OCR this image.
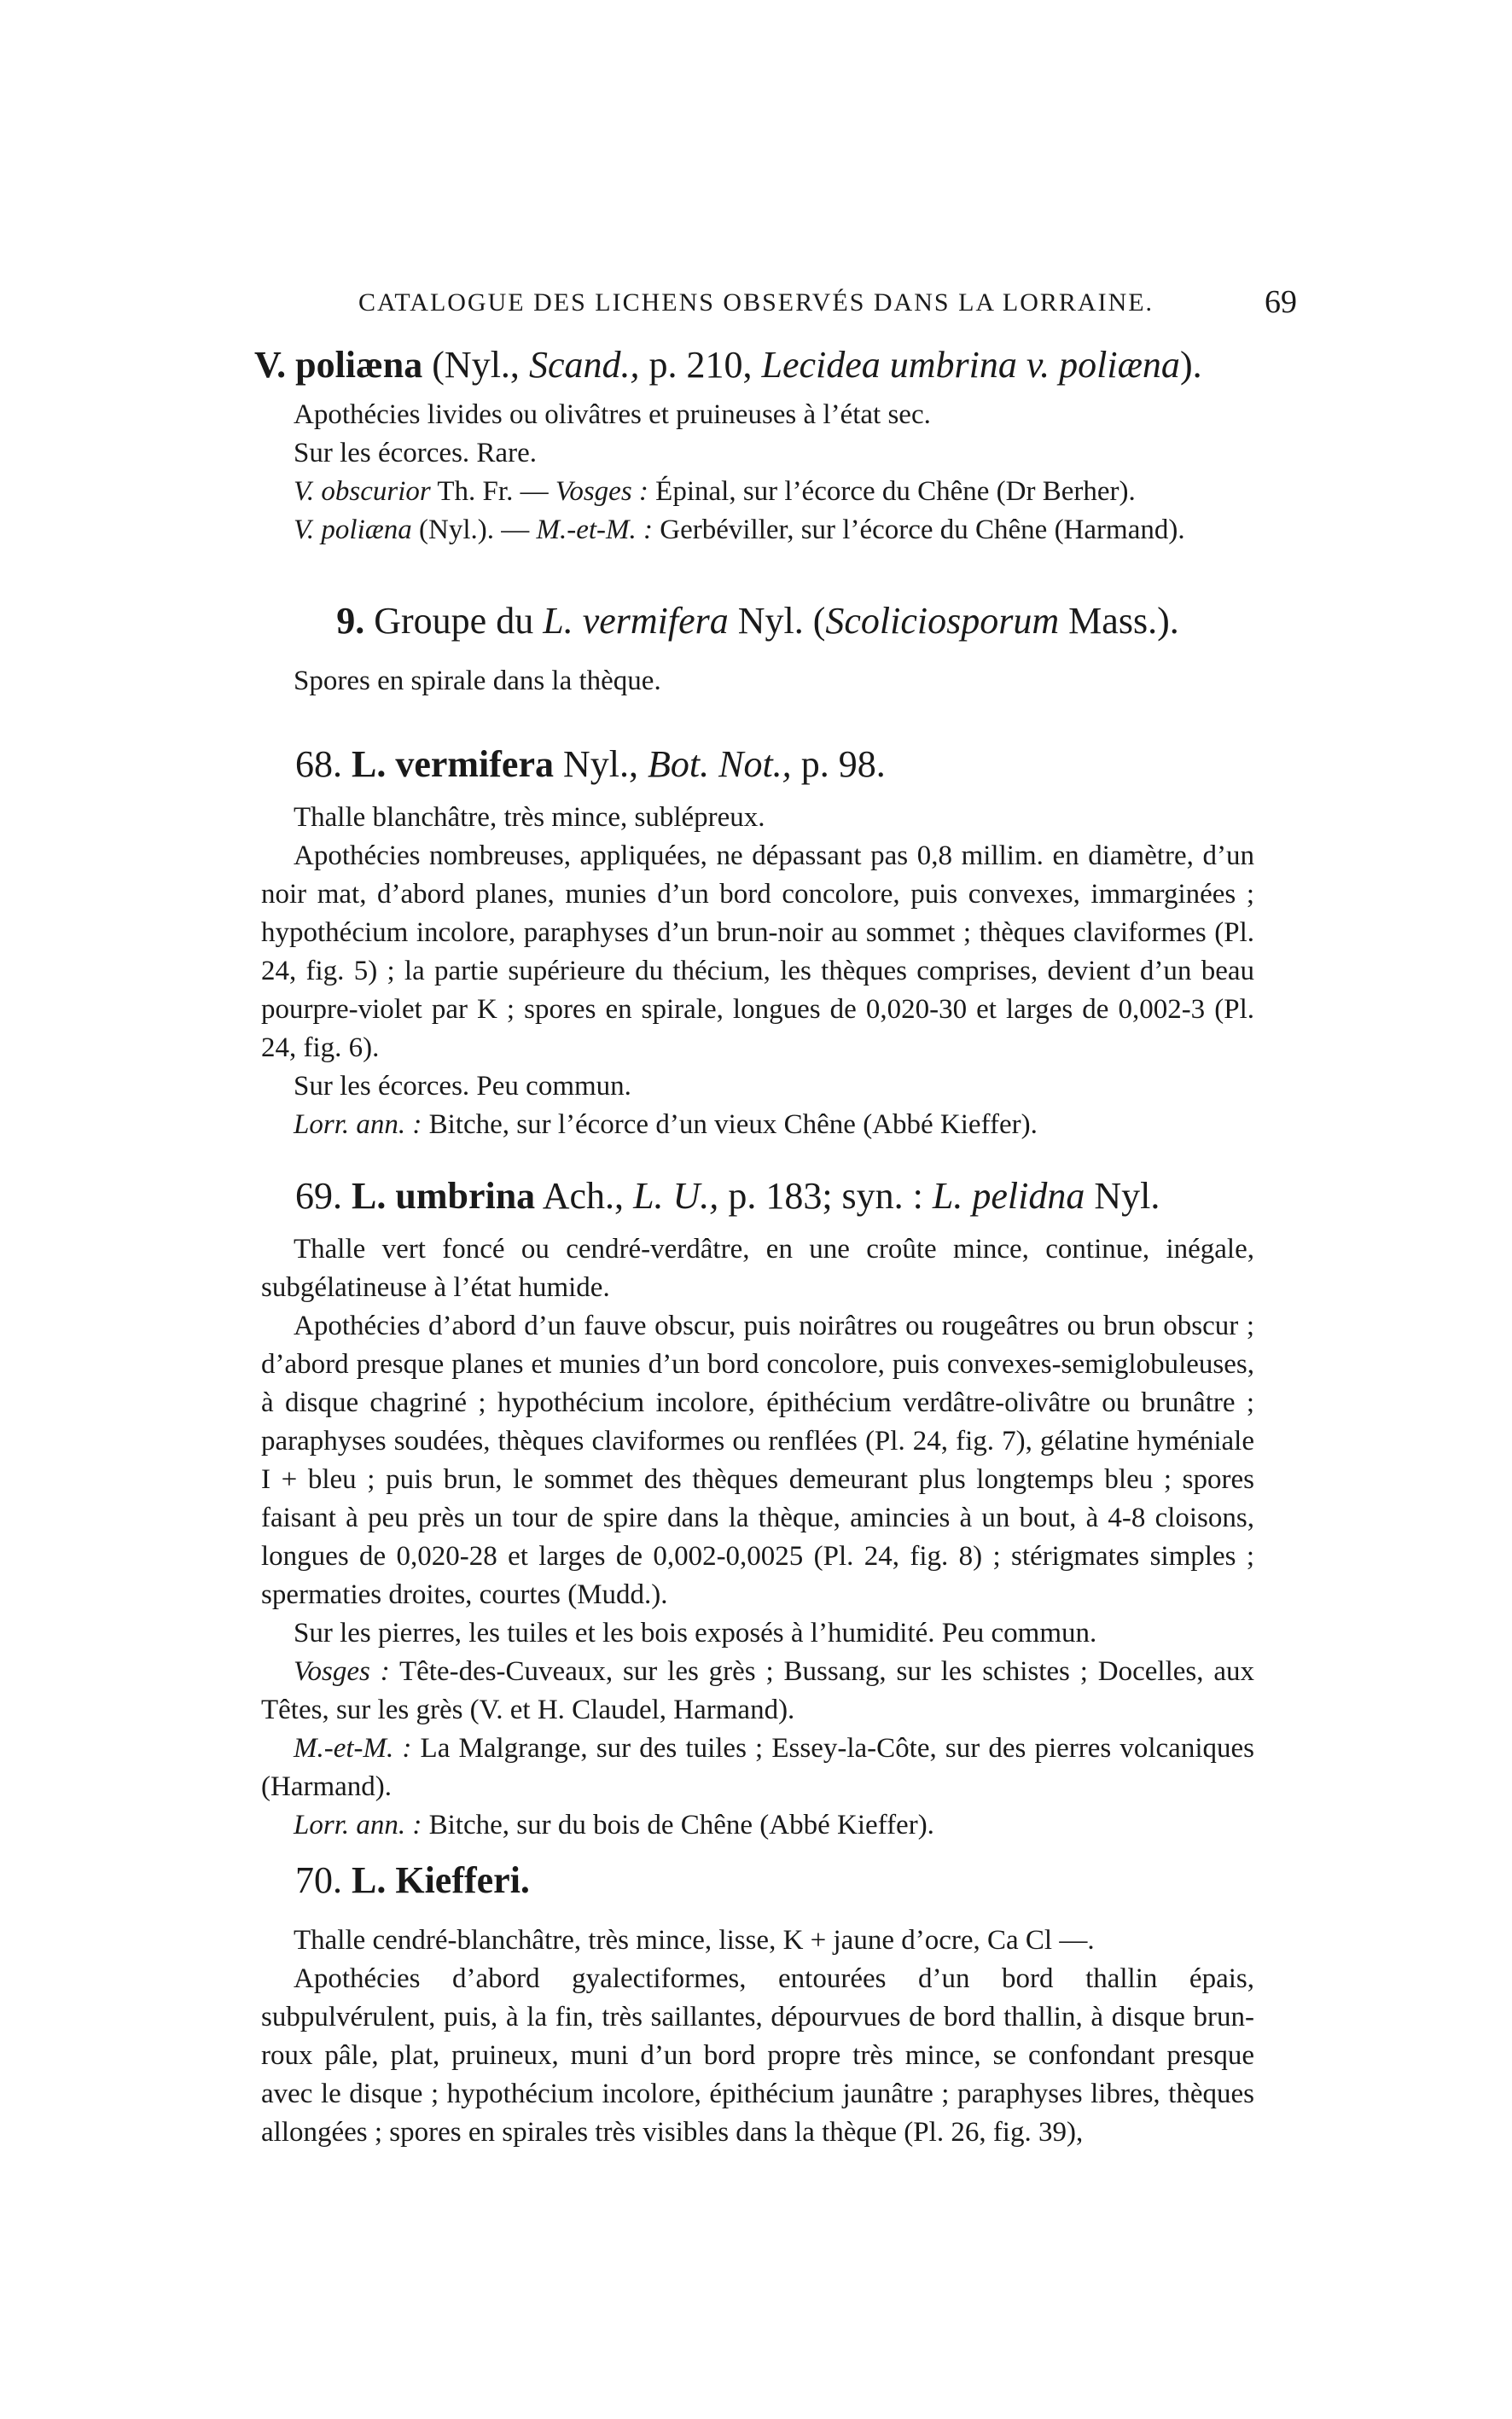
CATALOGUE DES LICHENS OBSERVÉS DANS LA LORRAINE.	69

V. poliæna (Nyl., Scand., p. 210, Lecidea umbrina v. poliæna).

Apothécies livides ou olivâtres et pruineuses à l’état sec.

Sur les écorces. Rare.

V. obscurior Th. Fr. — Vosges : Épinal, sur l’écorce du Chêne (Dr Berher).

V. poliæna (Nyl.). — M.-et-M. : Gerbéviller, sur l’écorce du Chêne (Harmand).

9. Groupe du L. vermifera Nyl. (Scoliciosporum Mass.).

Spores en spirale dans la thèque.

68. L. vermifera Nyl., Bot. Not., p. 98.

Thalle blanchâtre, très mince, sublépreux.

Apothécies nombreuses, appliquées, ne dépassant pas 0,8 millim. en diamètre, d’un noir mat, d’abord planes, munies d’un bord concolore, puis convexes, immarginées ; hypothécium incolore, paraphyses d’un brun-noir au sommet ; thèques claviformes (Pl. 24, fig. 5) ; la partie supérieure du thécium, les thèques comprises, devient d’un beau pourpre-violet par K ; spores en spirale, longues de 0,020-30 et larges de 0,002-3 (Pl. 24, fig. 6).

Sur les écorces. Peu commun.

Lorr. ann. : Bitche, sur l’écorce d’un vieux Chêne (Abbé Kieffer).

69. L. umbrina Ach., L. U., p. 183; syn. : L. pelidna Nyl.

Thalle vert foncé ou cendré-verdâtre, en une croûte mince, continue, inégale, subgélatineuse à l’état humide.

Apothécies d’abord d’un fauve obscur, puis noirâtres ou rougeâtres ou brun obscur ; d’abord presque planes et munies d’un bord concolore, puis convexes-semiglobuleuses, à disque chagriné ; hypothécium incolore, épithécium verdâtre-olivâtre ou brunâtre ; paraphyses soudées, thèques claviformes ou renflées (Pl. 24, fig. 7), gélatine hyméniale I + bleu ; puis brun, le sommet des thèques demeurant plus longtemps bleu ; spores faisant à peu près un tour de spire dans la thèque, amincies à un bout, à 4-8 cloisons, longues de 0,020-28 et larges de 0,002-0,0025 (Pl. 24, fig. 8) ; stérigmates simples ; spermaties droites, courtes (Mudd.).

Sur les pierres, les tuiles et les bois exposés à l’humidité. Peu commun.

Vosges : Tête-des-Cuveaux, sur les grès ; Bussang, sur les schistes ; Docelles, aux Têtes, sur les grès (V. et H. Claudel, Harmand).

M.-et-M. : La Malgrange, sur des tuiles ; Essey-la-Côte, sur des pierres volcaniques (Harmand).

Lorr. ann. : Bitche, sur du bois de Chêne (Abbé Kieffer).

70. L. Kiefferi.

Thalle cendré-blanchâtre, très mince, lisse, K + jaune d’ocre, Ca Cl —.

Apothécies d’abord gyalectiformes, entourées d’un bord thallin épais, subpulvérulent, puis, à la fin, très saillantes, dépourvues de bord thallin, à disque brun-roux pâle, plat, pruineux, muni d’un bord propre très mince, se confondant presque avec le disque ; hypothécium incolore, épithécium jaunâtre ; paraphyses libres, thèques allongées ; spores en spirales très visibles dans la thèque (Pl. 26, fig. 39),
